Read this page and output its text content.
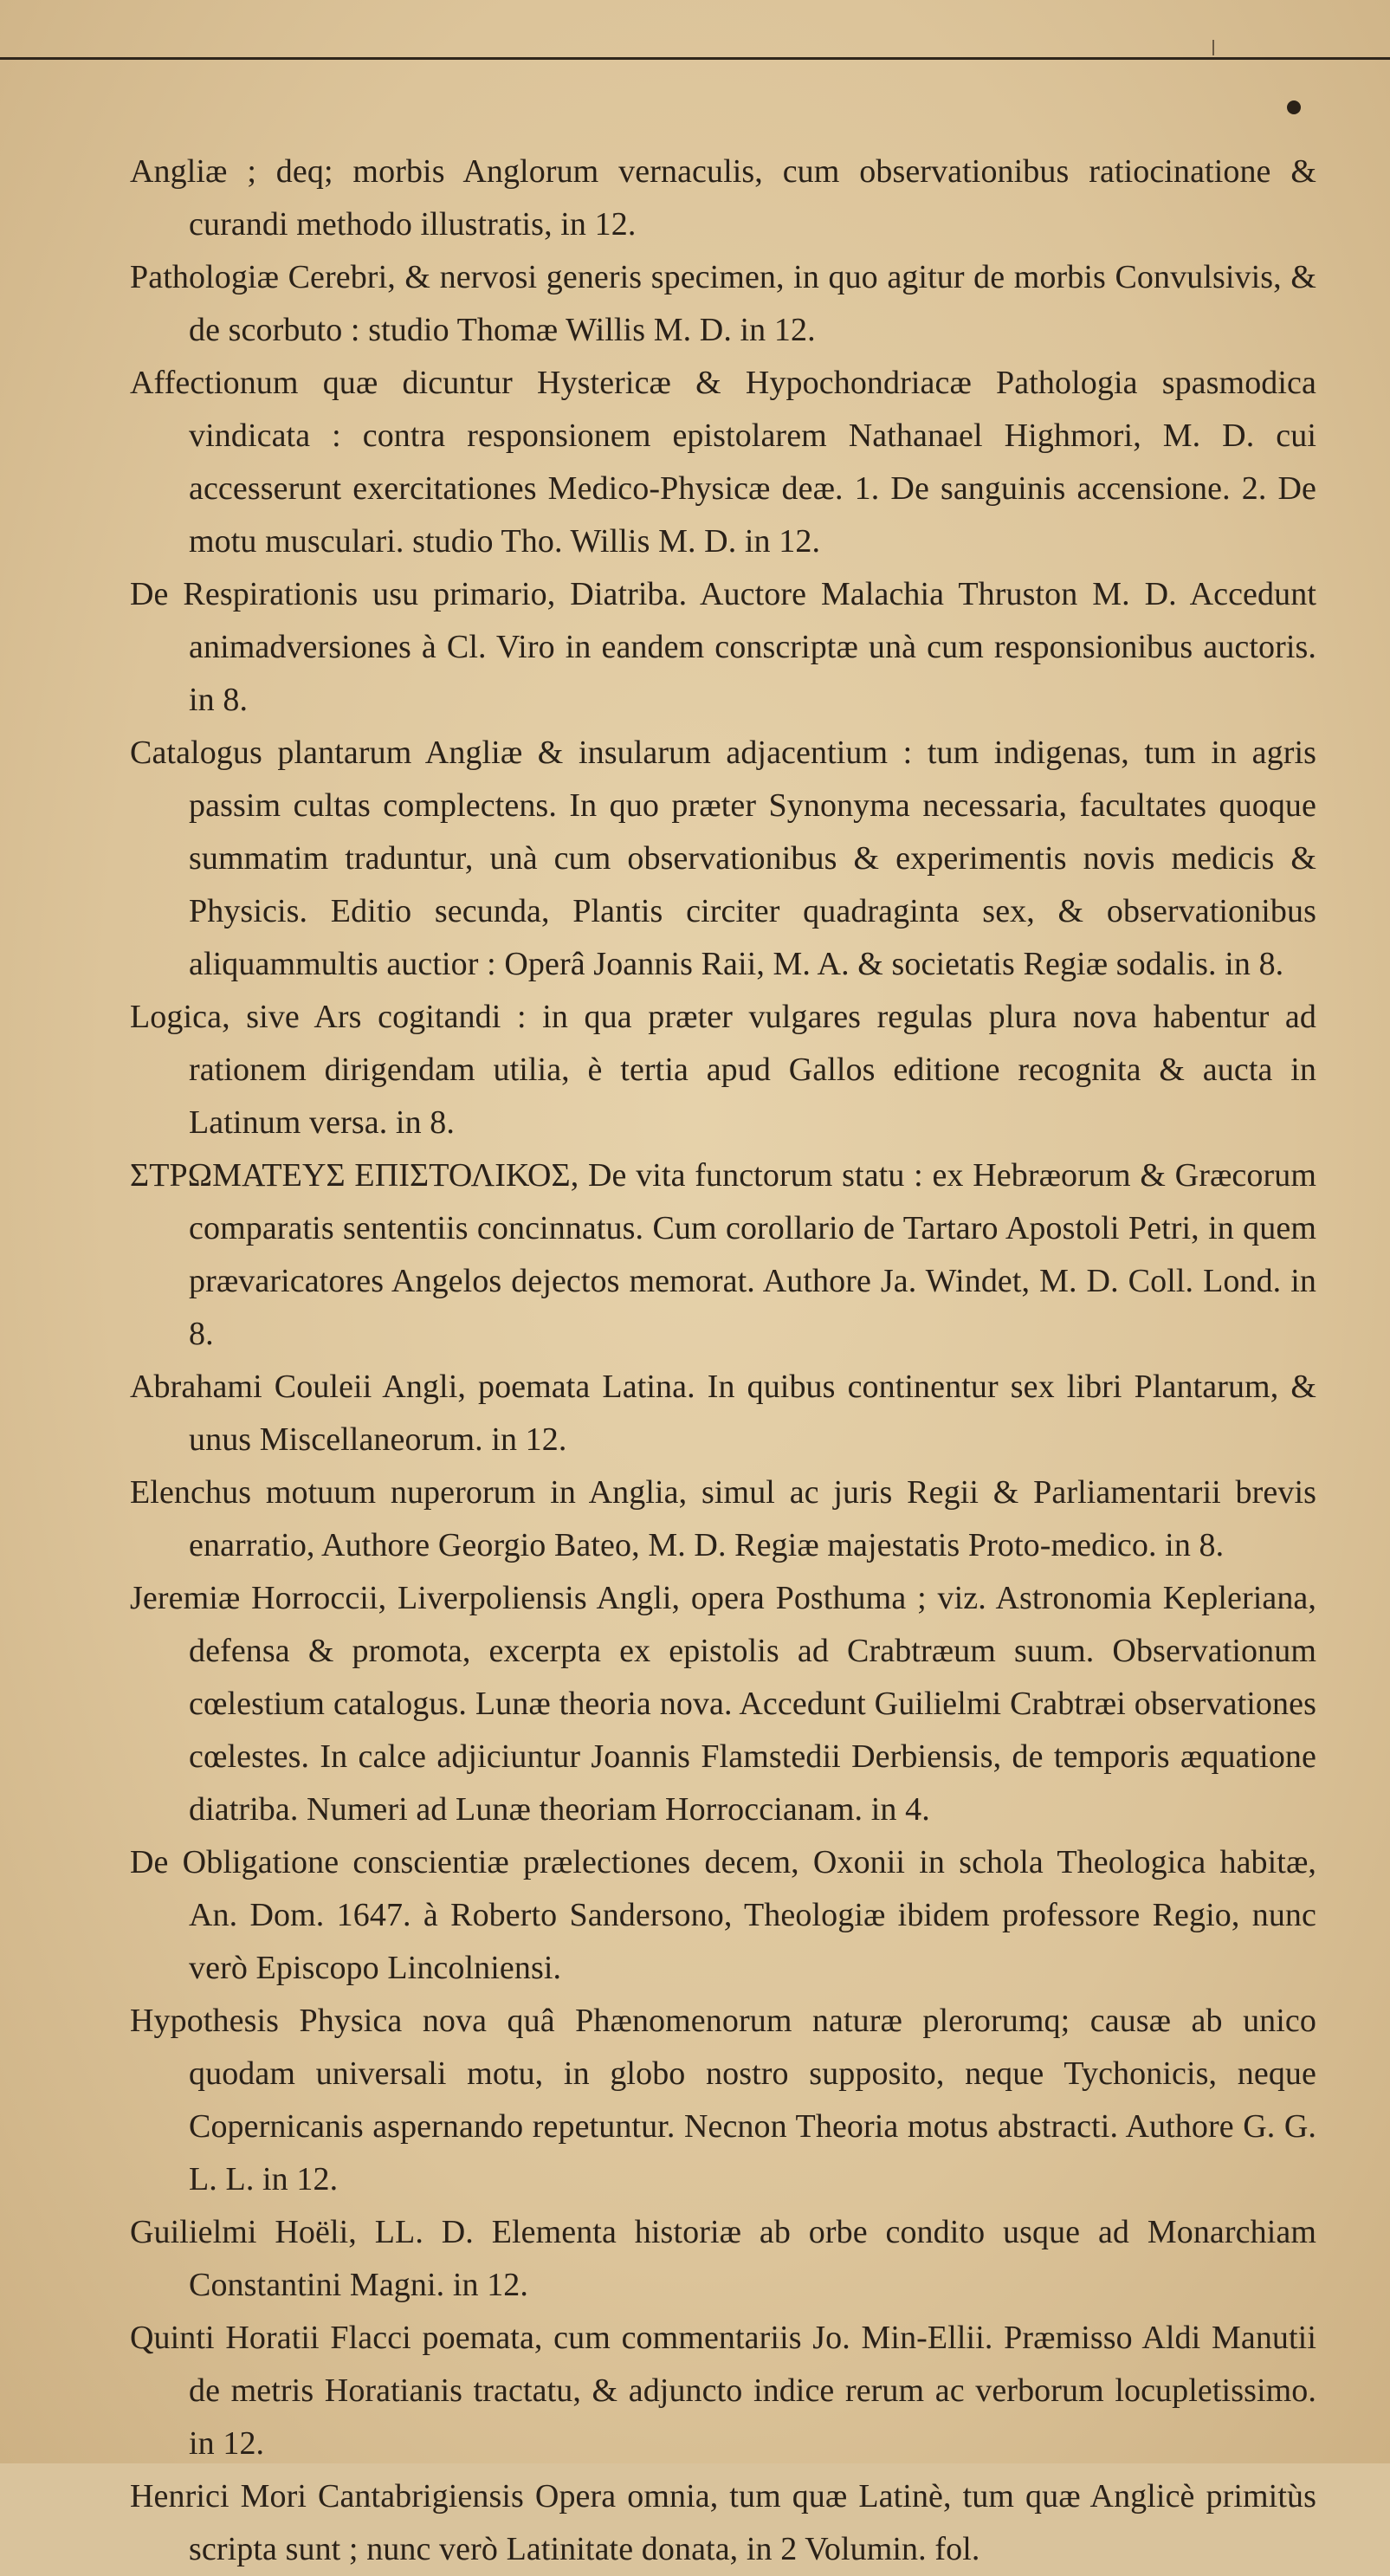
Angliæ ; deq; morbis Anglorum vernaculis, cum observationibus ratiocinatione & curandi methodo illustratis, in 12.

Pathologiæ Cerebri, & nervosi generis specimen, in quo agitur de morbis Convulsivis, & de scorbuto : studio Thomæ Willis M. D. in 12.

Affectionum quæ dicuntur Hystericæ & Hypochondriacæ Pathologia spasmodica vindicata : contra responsionem epistolarem Nathanael Highmori, M. D. cui accesserunt exercitationes Medico-Physicæ deæ. 1. De sanguinis accensione. 2. De motu musculari. studio Tho. Willis M. D. in 12.

De Respirationis usu primario, Diatriba. Auctore Malachia Thruston M. D. Accedunt animadversiones à Cl. Viro in eandem conscriptæ unà cum responsionibus auctoris. in 8.

Catalogus plantarum Angliæ & insularum adjacentium : tum indigenas, tum in agris passim cultas complectens. In quo præter Synonyma necessaria, facultates quoque summatim traduntur, unà cum observationibus & experimentis novis medicis & Physicis. Editio secunda, Plantis circiter quadraginta sex, & observationibus aliquammultis auctior : Operâ Joannis Raii, M. A. & societatis Regiæ sodalis. in 8.

Logica, sive Ars cogitandi : in qua præter vulgares regulas plura nova habentur ad rationem dirigendam utilia, è tertia apud Gallos editione recognita & aucta in Latinum versa. in 8.

ΣΤΡΩΜΑΤΕΥΣ ΕΠΙΣΤΟΛΙΚΟΣ, De vita functorum statu : ex Hebræorum & Græcorum comparatis sententiis concinnatus. Cum corollario de Tartaro Apostoli Petri, in quem prævaricatores Angelos dejectos memorat. Authore Ja. Windet, M. D. Coll. Lond. in 8.

Abrahami Couleii Angli, poemata Latina. In quibus continentur sex libri Plantarum, & unus Miscellaneorum. in 12.

Elenchus motuum nuperorum in Anglia, simul ac juris Regii & Parliamentarii brevis enarratio, Authore Georgio Bateo, M. D. Regiæ majestatis Proto-medico. in 8.

Jeremiæ Horroccii, Liverpoliensis Angli, opera Posthuma ; viz. Astronomia Kepleriana, defensa & promota, excerpta ex epistolis ad Crabtræum suum. Observationum cœlestium catalogus. Lunæ theoria nova. Accedunt Guilielmi Crabtræi observationes cœlestes. In calce adjiciuntur Joannis Flamstedii Derbiensis, de temporis æquatione diatriba. Numeri ad Lunæ theoriam Horroccianam. in 4.

De Obligatione conscientiæ prælectiones decem, Oxonii in schola Theologica habitæ, An. Dom. 1647. à Roberto Sandersono, Theologiæ ibidem professore Regio, nunc verò Episcopo Lincolniensi.

Hypothesis Physica nova quâ Phænomenorum naturæ plerorumq; causæ ab unico quodam universali motu, in globo nostro supposito, neque Tychonicis, neque Copernicanis aspernando repetuntur. Necnon Theoria motus abstracti. Authore G. G. L. L. in 12.

Guilielmi Hoëli, LL. D. Elementa historiæ ab orbe condito usque ad Monarchiam Constantini Magni. in 12.

Quinti Horatii Flacci poemata, cum commentariis Jo. Min-Ellii. Præmisso Aldi Manutii de metris Horatianis tractatu, & adjuncto indice rerum ac verborum locupletissimo. in 12.

Henrici Mori Cantabrigiensis Opera omnia, tum quæ Latinè, tum quæ Anglicè primitùs scripta sunt ; nunc verò Latinitate donata, in 2 Volumin. fol.
